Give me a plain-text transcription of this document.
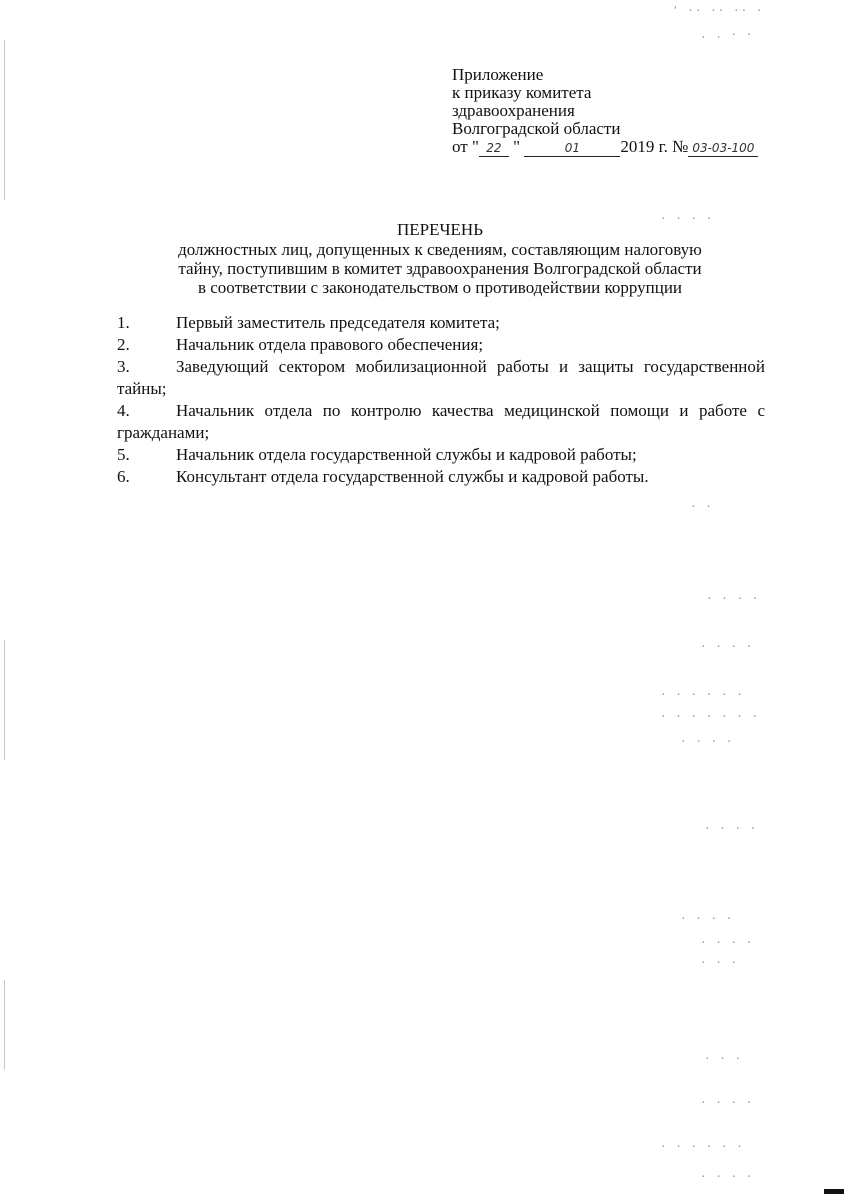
Приложение
к приказу комитета
здравоохранения
Волгоградской области
от " 22 "	01 2019 г. № 03-03-100
ПЕРЕЧЕНЬ
должностных лиц, допущенных к сведениям, составляющим налоговую
тайну, поступившим в комитет здравоохранения Волгоградской области
в соответствии с законодательством о противодействии коррупции
1.	Первый заместитель председателя комитета;
2.	Начальник отдела правового обеспечения;
3.	Заведующий сектором мобилизационной работы и защиты государственной тайны;
4.	Начальник отдела по контролю качества медицинской помощи и работе с гражданами;
5.	Начальник отдела государственной службы и кадровой работы;
6.	Консультант отдела государственной службы и кадровой работы.
' ·· ·· ·· ·
. . · ·
· · · ·
· ·
· · · ·
· · · ·
· · · · · ·
· · · · · · ·
· · · ·
· · · ·
· · · ·
· · · ·
· · ·
· · ·
· · · ·
· · · · · ·
· · · ·
